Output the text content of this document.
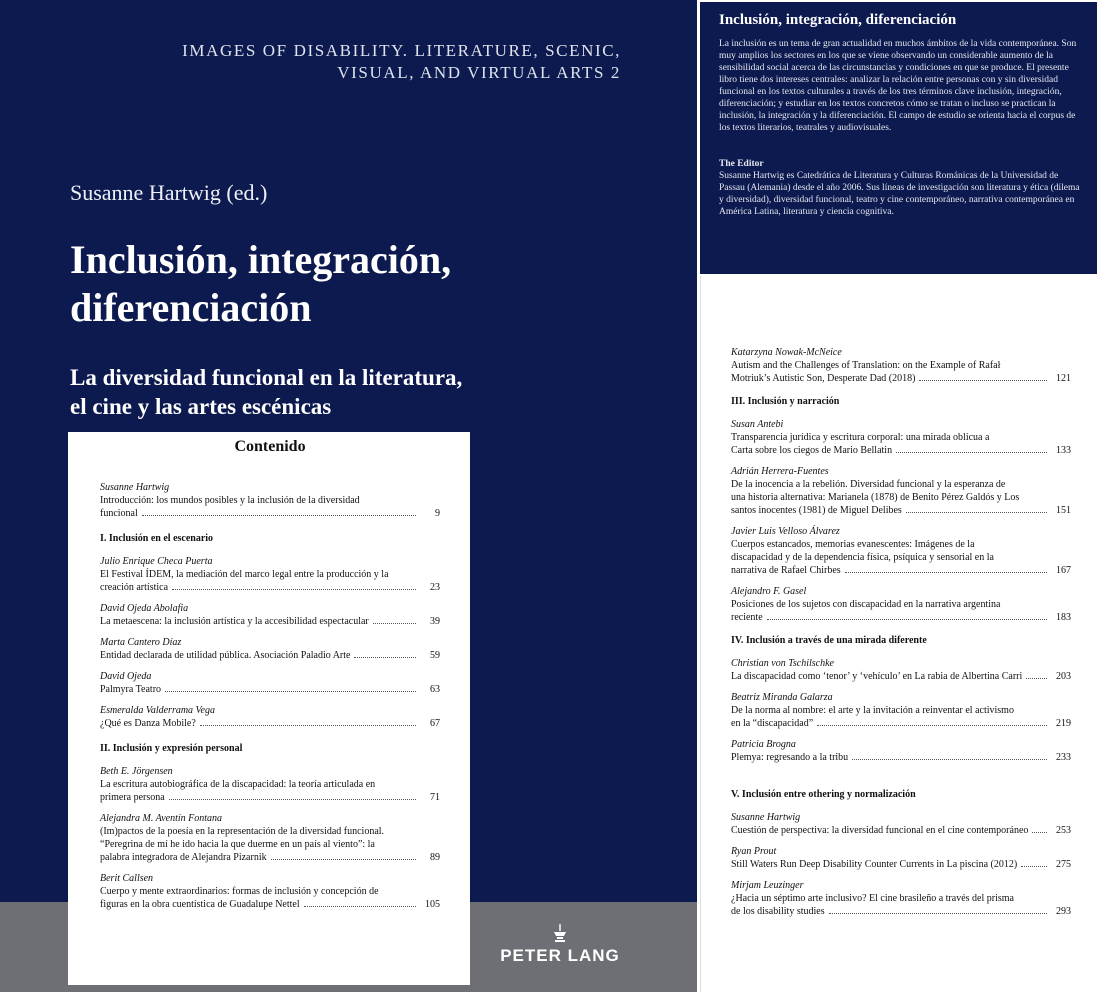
IMAGES OF DISABILITY. LITERATURE, SCENIC,
VISUAL, AND VIRTUAL ARTS 2
Susanne Hartwig (ed.)
Inclusión, integración,
diferenciación
La diversidad funcional en la literatura,
el cine y las artes escénicas
PETER LANG
Contenido
Susanne Hartwig
Introducción: los mundos posibles y la inclusión de la diversidad
funcional	9
I. Inclusión en el escenario
Julio Enrique Checa Puerta
El Festival ÍDEM, la mediación del marco legal entre la producción y la
creación artística	23
David Ojeda Abolafia
La metaescena: la inclusión artística y la accesibilidad espectacular	39
Marta Cantero Díaz
Entidad declarada de utilidad pública. Asociación Paladio Arte	59
David Ojeda
Palmyra Teatro	63
Esmeralda Valderrama Vega
¿Qué es Danza Mobile?	67
II. Inclusión y expresión personal
Beth E. Jörgensen
La escritura autobiográfica de la discapacidad: la teoría articulada en
primera persona	71
Alejandra M. Aventín Fontana
(Im)pactos de la poesía en la representación de la diversidad funcional.
“Peregrina de mí he ido hacia la que duerme en un país al viento”: la
palabra integradora de Alejandra Pizarnik	89
Berit Callsen
Cuerpo y mente extraordinarios: formas de inclusión y concepción de
figuras en la obra cuentística de Guadalupe Nettel	105
Inclusión, integración, diferenciación

La inclusión es un tema de gran actualidad en muchos ámbitos de la vida contemporánea. Son muy amplios los sectores en los que se viene observando un considerable aumento de la sensibilidad social acerca de las circunstancias y condiciones en que se produce. El presente libro tiene dos intereses centrales: analizar la relación entre personas con y sin diversidad funcional en los textos culturales a través de los tres términos clave inclusión, integración, diferenciación; y estudiar en los textos concretos cómo se tratan o incluso se practican la inclusión, la integración y la diferenciación. El campo de estudio se orienta hacia el corpus de los textos literarios, teatrales y audiovisuales.

The Editor

Susanne Hartwig es Catedrática de Literatura y Culturas Románicas de la Universidad de Passau (Alemania) desde el año 2006. Sus líneas de investigación son literatura y ética (dilema y diversidad), diversidad funcional, teatro y cine contemporáneo, narrativa contemporánea en América Latina, literatura y ciencia cognitiva.

Katarzyna Nowak-McNeice
Autism and the Challenges of Translation: on the Example of Rafał
Motriuk’s Autistic Son, Desperate Dad (2018)	121
III. Inclusión y narración
Susan Antebi
Transparencia jurídica y escritura corporal: una mirada oblicua a
Carta sobre los ciegos de Mario Bellatin	133
Adrián Herrera-Fuentes
De la inocencia a la rebelión. Diversidad funcional y la esperanza de
una historia alternativa: Marianela (1878) de Benito Pérez Galdós y Los
santos inocentes (1981) de Miguel Delibes	151
Javier Luis Velloso Álvarez
Cuerpos estancados, memorias evanescentes: Imágenes de la
discapacidad y de la dependencia física, psíquica y sensorial en la
narrativa de Rafael Chirbes	167
Alejandro F. Gasel
Posiciones de los sujetos con discapacidad en la narrativa argentina
reciente	183
IV. Inclusión a través de una mirada diferente
Christian von Tschilschke
La discapacidad como ‘tenor’ y ‘vehículo’ en La rabia de Albertina Carri	203
Beatriz Miranda Galarza
De la norma al nombre: el arte y la invitación a reinventar el activismo
en la “discapacidad”	219
Patricia Brogna
Plemya: regresando a la tribu	233
V. Inclusión entre othering y normalización
Susanne Hartwig
Cuestión de perspectiva: la diversidad funcional en el cine contemporáneo	253
Ryan Prout
Still Waters Run Deep Disability Counter Currents in La piscina (2012)	275
Mirjam Leuzinger
¿Hacia un séptimo arte inclusivo? El cine brasileño a través del prisma
de los disability studies	293
